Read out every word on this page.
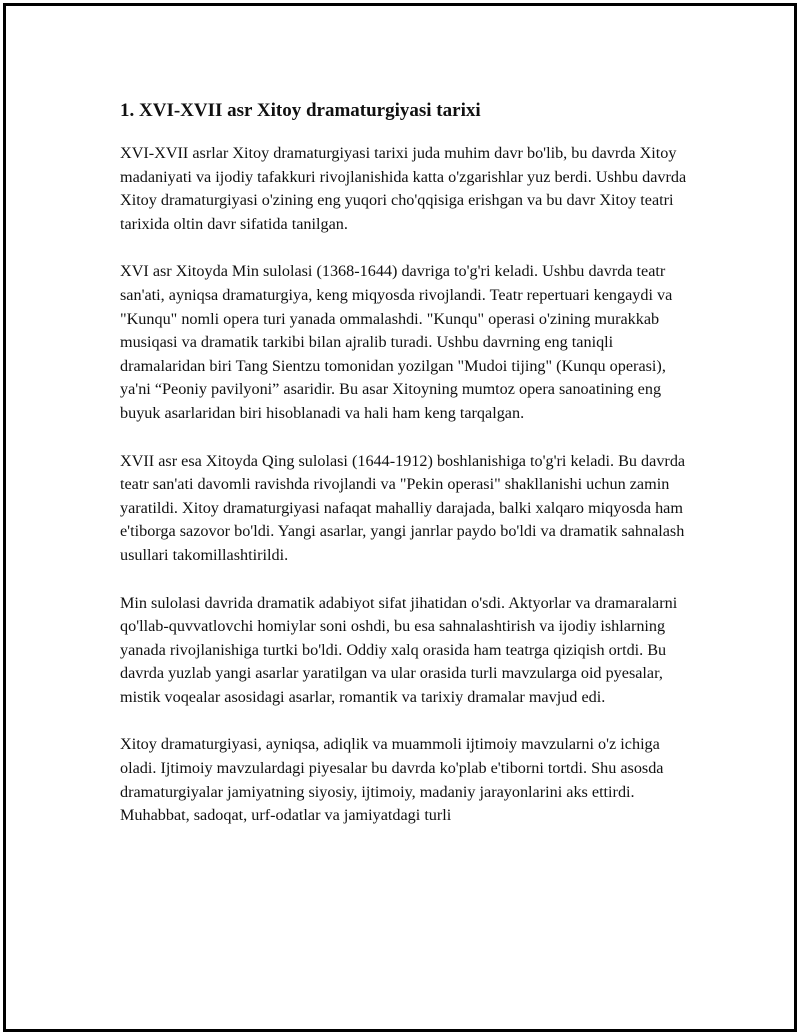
1. XVI-XVII asr Xitoy dramaturgiyasi tarixi

XVI-XVII asrlar Xitoy dramaturgiyasi tarixi juda muhim davr bo'lib, bu davrda Xitoy madaniyati va ijodiy tafakkuri rivojlanishida katta o'zgarishlar yuz berdi. Ushbu davrda Xitoy dramaturgiyasi o'zining eng yuqori cho'qqisiga erishgan va bu davr Xitoy teatri tarixida oltin davr sifatida tanilgan.

XVI asr Xitoyda Min sulolasi (1368-1644) davriga to'g'ri keladi. Ushbu davrda teatr san'ati, ayniqsa dramaturgiya, keng miqyosda rivojlandi. Teatr repertuari kengaydi va "Kunqu" nomli opera turi yanada ommalashdi. "Kunqu" operasi o'zining murakkab musiqasi va dramatik tarkibi bilan ajralib turadi. Ushbu davrning eng taniqli dramalaridan biri Tang Sientzu tomonidan yozilgan "Mudoi tijing" (Kunqu operasi), ya'ni “Peoniy pavilyoni” asaridir. Bu asar Xitoyning mumtoz opera sanoatining eng buyuk asarlaridan biri hisoblanadi va hali ham keng tarqalgan.

XVII asr esa Xitoyda Qing sulolasi (1644-1912) boshlanishiga to'g'ri keladi. Bu davrda teatr san'ati davomli ravishda rivojlandi va "Pekin operasi" shakllanishi uchun zamin yaratildi. Xitoy dramaturgiyasi nafaqat mahalliy darajada, balki xalqaro miqyosda ham e'tiborga sazovor bo'ldi. Yangi asarlar, yangi janrlar paydo bo'ldi va dramatik sahnalash usullari takomillashtirildi.

Min sulolasi davrida dramatik adabiyot sifat jihatidan o'sdi. Aktyorlar va dramaralarni qo'llab-quvvatlovchi homiylar soni oshdi, bu esa sahnalashtirish va ijodiy ishlarning yanada rivojlanishiga turtki bo'ldi. Oddiy xalq orasida ham teatrga qiziqish ortdi. Bu davrda yuzlab yangi asarlar yaratilgan va ular orasida turli mavzularga oid pyesalar, mistik voqealar asosidagi asarlar, romantik va tarixiy dramalar mavjud edi.

Xitoy dramaturgiyasi, ayniqsa, adiqlik va muammoli ijtimoiy mavzularni o'z ichiga oladi. Ijtimoiy mavzulardagi piyesalar bu davrda ko'plab e'tiborni tortdi. Shu asosda dramaturgiyalar jamiyatning siyosiy, ijtimoiy, madaniy jarayonlarini aks ettirdi. Muhabbat, sadoqat, urf-odatlar va jamiyatdagi turli
